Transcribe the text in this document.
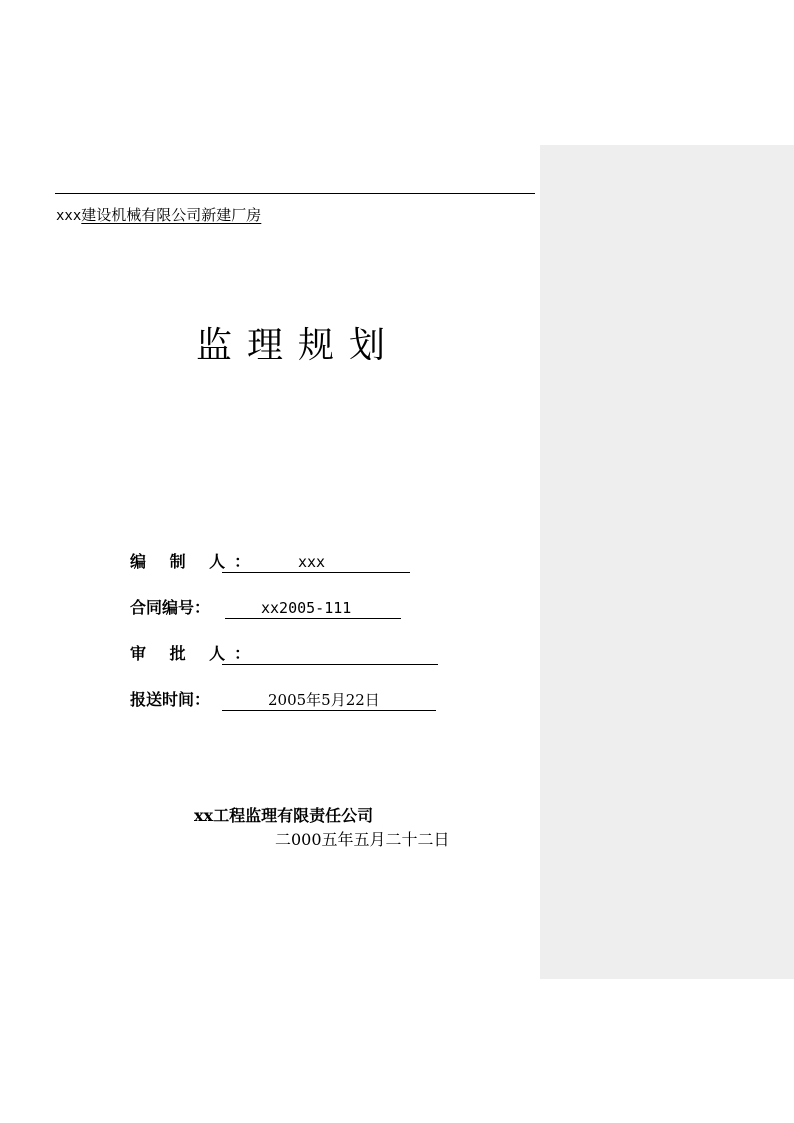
xxx建设机械有限公司新建厂房
监理规划
编 制 人：	xxx
合同编号：	xx2005-111
审 批 人：
报送时间：	2005年5月22日
xx工程监理有限责任公司
二000五年五月二十二日
